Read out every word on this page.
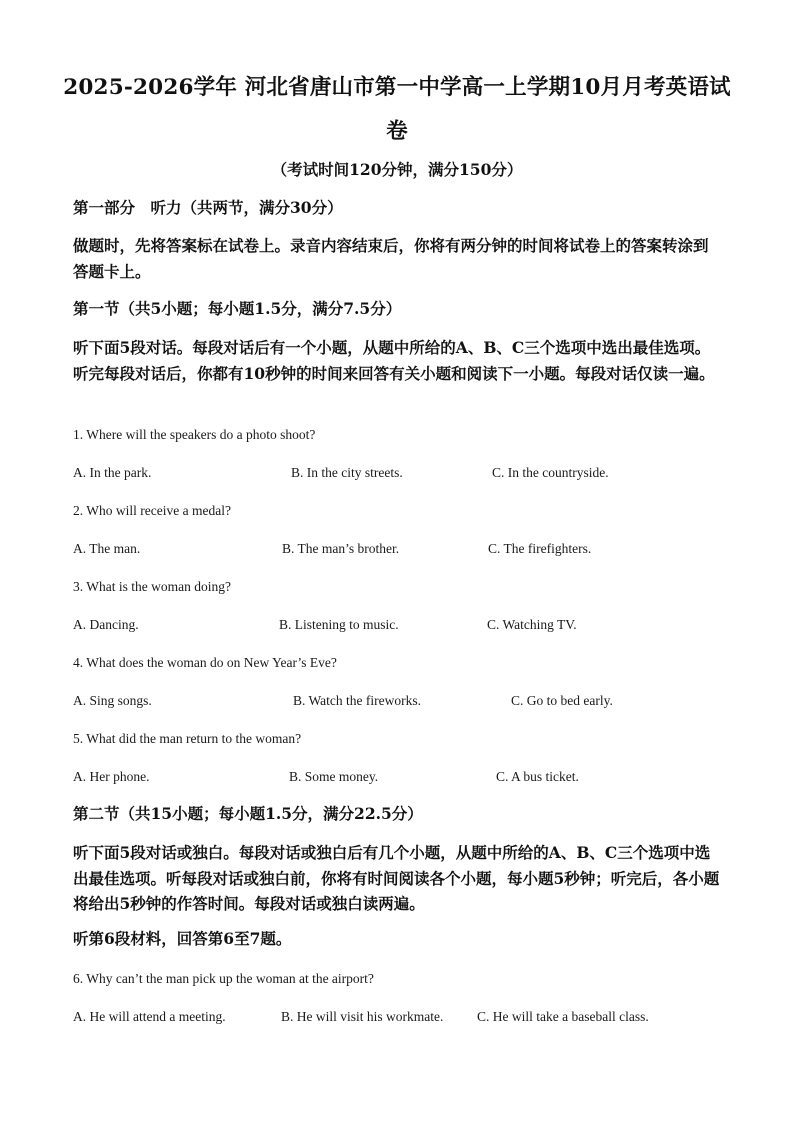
2025-2026学年 河北省唐山市第一中学高一上学期10月月考英语试卷
（考试时间120分钟，满分150分）
第一部分　听力（共两节，满分30分）
做题时，先将答案标在试卷上。录音内容结束后，你将有两分钟的时间将试卷上的答案转涂到答题卡上。
第一节（共5小题；每小题1.5分，满分7.5分）
听下面5段对话。每段对话后有一个小题，从题中所给的A、B、C三个选项中选出最佳选项。听完每段对话后，你都有10秒钟的时间来回答有关小题和阅读下一小题。每段对话仅读一遍。
1. Where will the speakers do a photo shoot?
A. In the park.	B. In the city streets.	C. In the countryside.
2. Who will receive a medal?
A. The man.	B. The man’s brother.	C. The firefighters.
3. What is the woman doing?
A. Dancing.	B. Listening to music.	C. Watching TV.
4. What does the woman do on New Year’s Eve?
A. Sing songs.	B. Watch the fireworks.	C. Go to bed early.
5. What did the man return to the woman?
A. Her phone.	B. Some money.	C. A bus ticket.
第二节（共15小题；每小题1.5分，满分22.5分）
听下面5段对话或独白。每段对话或独白后有几个小题，从题中所给的A、B、C三个选项中选出最佳选项。听每段对话或独白前，你将有时间阅读各个小题，每小题5秒钟；听完后，各小题将给出5秒钟的作答时间。每段对话或独白读两遍。
听第6段材料，回答第6至7题。
6. Why can’t the man pick up the woman at the airport?
A. He will attend a meeting.	B. He will visit his workmate. C. He will take a baseball class.
